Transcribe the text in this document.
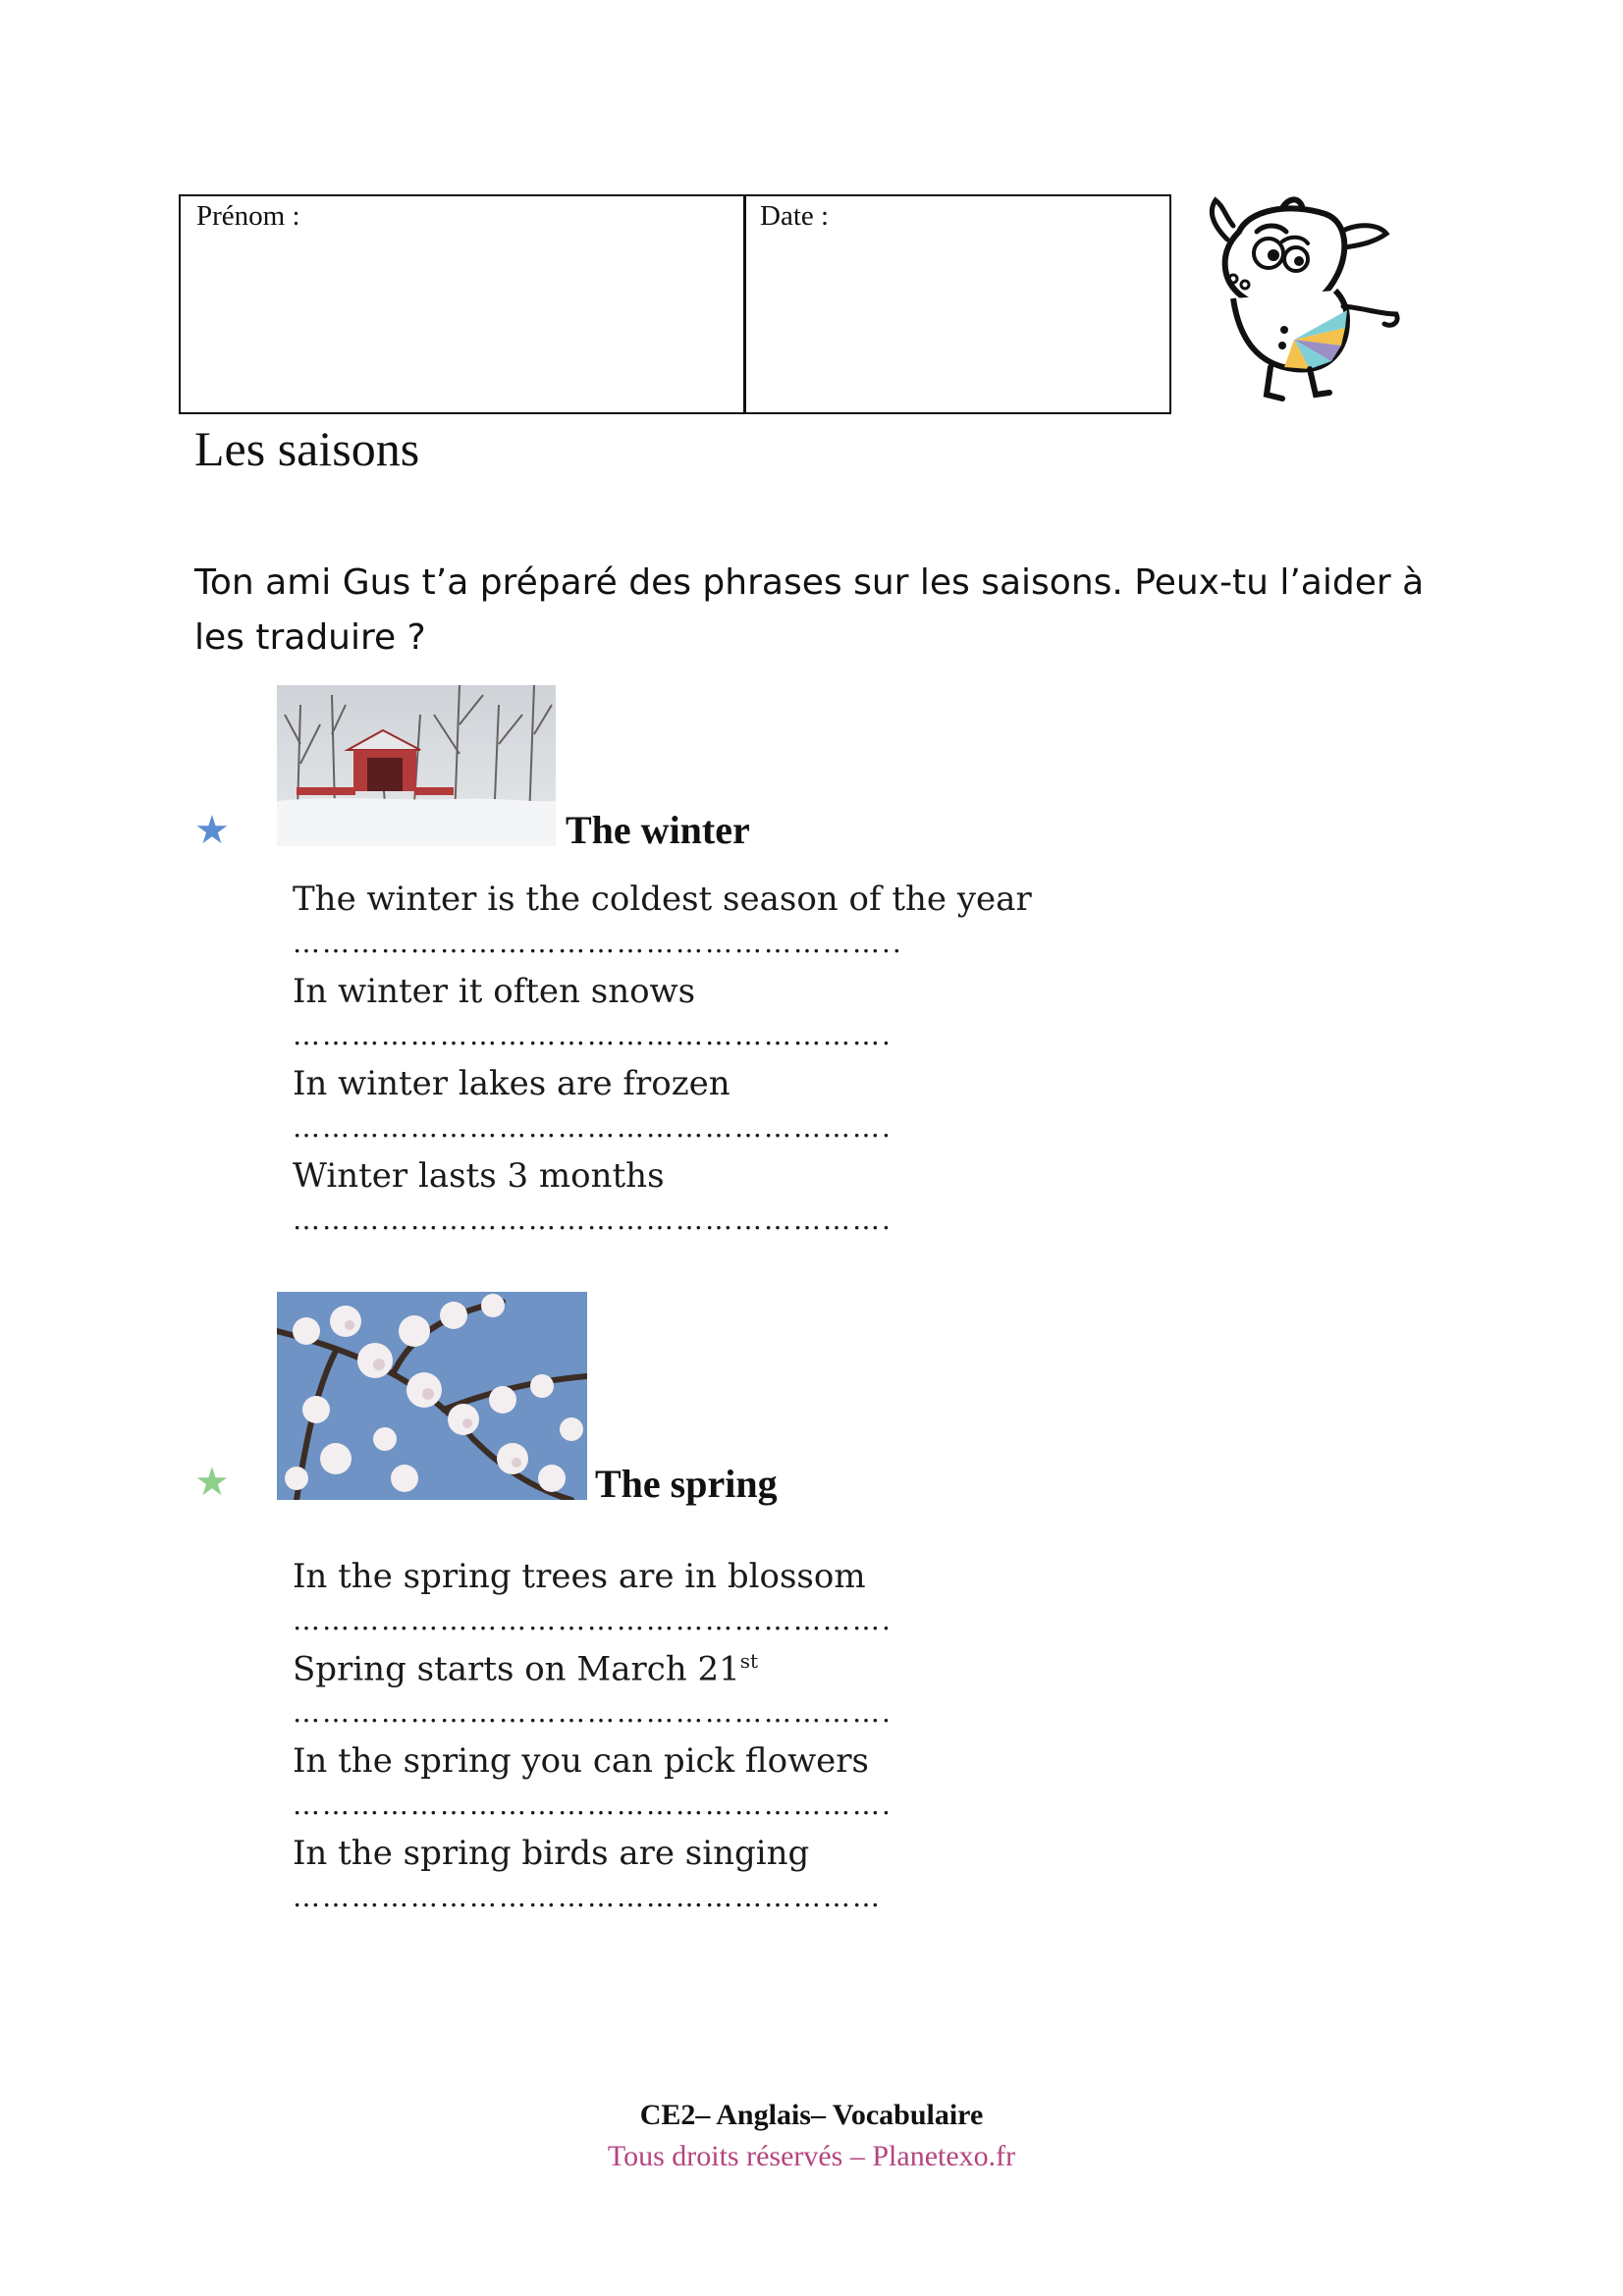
Prénom :	Date :
Les saisons
Ton ami Gus t’a préparé des phrases sur les saisons. Peux-tu l’aider à les traduire ?
★	The winter
The winter is the coldest season of the year
……………………………………………………..
In winter it often snows
…………………………………………………….
In winter lakes are frozen
…………………………………………………….
Winter lasts 3 months
…………………………………………………….
★	The spring
In the spring trees are in blossom
…………………………………………………….
Spring starts on March 21st
…………………………………………………….
In the spring you can pick flowers
…………………………………………………….
In the spring birds are singing
……………………………………………………
CE2– Anglais– Vocabulaire
Tous droits réservés – Planetexo.fr
